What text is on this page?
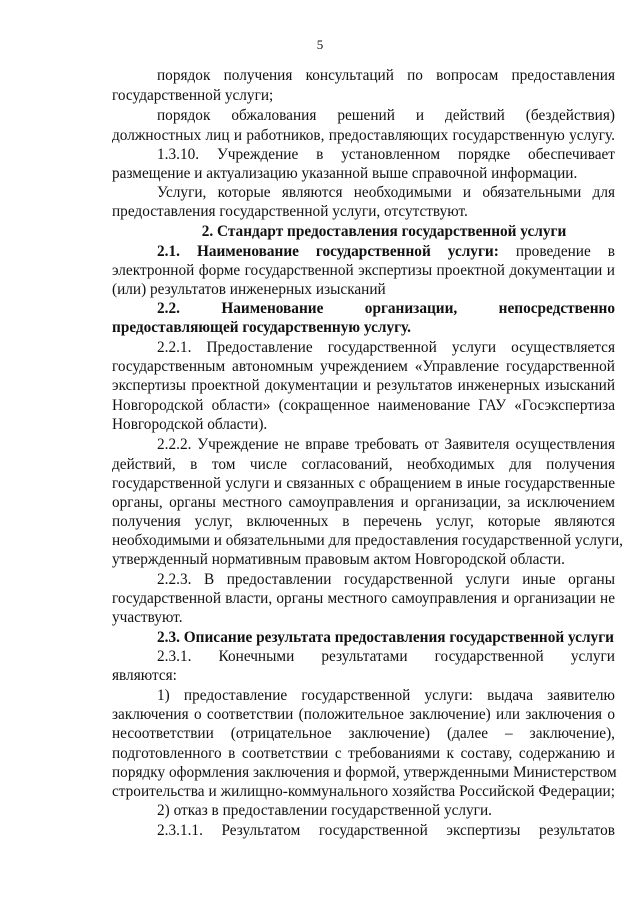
5
порядок получения консультаций по вопросам предоставления
государственной услуги;
порядок обжалования решений и действий (бездействия)
должностных лиц и работников, предоставляющих государственную услугу.
1.3.10. Учреждение в установленном порядке обеспечивает
размещение и актуализацию указанной выше справочной информации.
Услуги, которые являются необходимыми и обязательными для
предоставления государственной услуги, отсутствуют.
2. Стандарт предоставления государственной услуги
2.1. Наименование государственной услуги: проведение в
электронной форме государственной экспертизы проектной документации и
(или) результатов инженерных изысканий
2.2. Наименование организации, непосредственно
предоставляющей государственную услугу.
2.2.1. Предоставление государственной услуги осуществляется
государственным автономным учреждением «Управление государственной
экспертизы проектной документации и результатов инженерных изысканий
Новгородской области» (сокращенное наименование ГАУ «Госэкспертиза
Новгородской области).
2.2.2. Учреждение не вправе требовать от Заявителя осуществления
действий, в том числе согласований, необходимых для получения
государственной услуги и связанных с обращением в иные государственные
органы, органы местного самоуправления и организации, за исключением
получения услуг, включенных в перечень услуг, которые являются
необходимыми и обязательными для предоставления государственной услуги,
утвержденный нормативным правовым актом Новгородской области.
2.2.3. В предоставлении государственной услуги иные органы
государственной власти, органы местного самоуправления и организации не
участвуют.
2.3. Описание результата предоставления государственной услуги
2.3.1. Конечными результатами государственной услуги
являются:
1) предоставление государственной услуги: выдача заявителю
заключения о соответствии (положительное заключение) или заключения о
несоответствии (отрицательное заключение) (далее – заключение),
подготовленного в соответствии с требованиями к составу, содержанию и
порядку оформления заключения и формой, утвержденными Министерством
строительства и жилищно-коммунального хозяйства Российской Федерации;
2) отказ в предоставлении государственной услуги.
2.3.1.1. Результатом государственной экспертизы результатов
